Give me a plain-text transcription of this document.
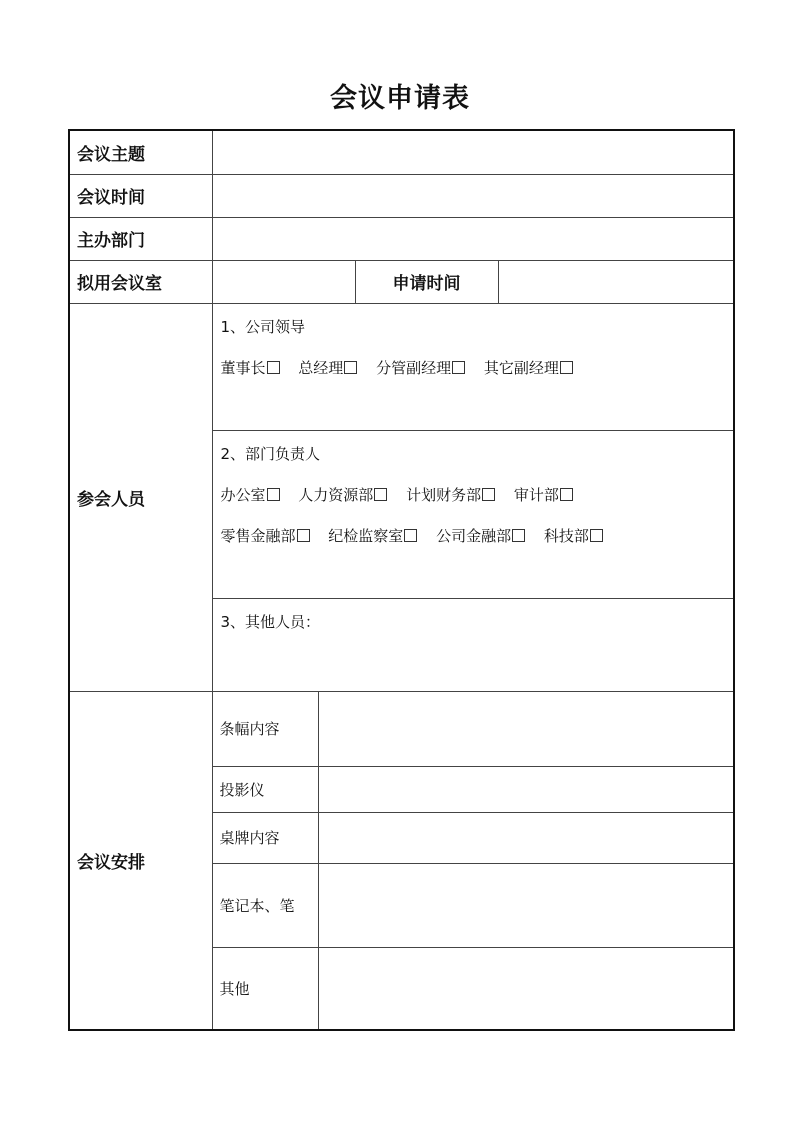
会议申请表
会议主题				
会议时间				
主办部门				
拟用会议室			申请时间	
参会人员	1、公司领导
董事长 总经理 分管副经理 其它副经理			

	2、部门负责人
办公室 人力资源部 计划财务部 审计部
零售金融部 纪检监察室 公司金融部 科技部			

	3、其他人员：			

会议安排	条幅内容			
	投影仪			
	桌牌内容			
	笔记本、笔			
	其他			
